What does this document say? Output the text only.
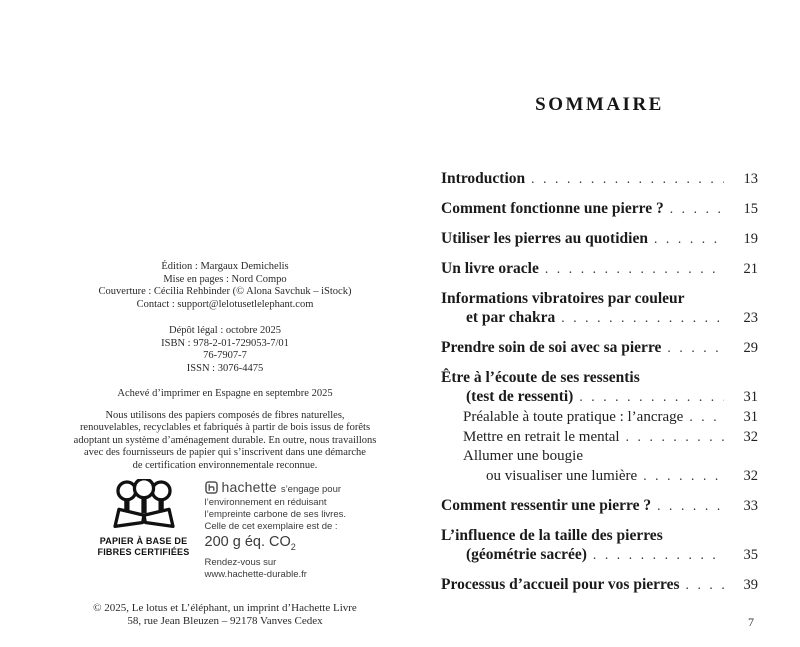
Édition : Margaux Demichelis
Mise en pages : Nord Compo
Couverture : Cécilia Rehbinder (© Alona Savchuk – iStock)
Contact : support@lelotusetlelephant.com
Dépôt légal : octobre 2025
ISBN : 978-2-01-729053-7/01
76-7907-7
ISSN : 3076-4475
Achevé d’imprimer en Espagne en septembre 2025
Nous utilisons des papiers composés de fibres naturelles,
renouvelables, recyclables et fabriqués à partir de bois issus de forêts
adoptant un système d’aménagement durable. En outre, nous travaillons
avec des fournisseurs de papier qui s’inscrivent dans une démarche
de certification environnementale reconnue.
PAPIER À BASE DE
FIBRES CERTIFIÉES
hachette s’engage pour
l’environnement en réduisant
l’empreinte carbone de ses livres.
Celle de cet exemplaire est de :
200 g éq. $CO_2$
Rendez-vous sur
www.hachette-durable.fr
© 2025, Le lotus et L’éléphant, un imprint d’Hachette Livre
58, rue Jean Bleuzen – 92178 Vanves Cedex
SOMMAIRE
Introduction . . .	13
Comment fonctionne une pierre ? . . .	15
Utiliser les pierres au quotidien . . .	19
Un livre oracle . . .	21
Informations vibratoires par couleur
et par chakra . . .	23
Prendre soin de soi avec sa pierre . . .	29
Être à l’écoute de ses ressentis
(test de ressenti) . . .	31
Préalable à toute pratique : l’ancrage . . .	31
Mettre en retrait le mental . . .	32
Allumer une bougie
ou visualiser une lumière . . .	32
Comment ressentir une pierre ? . . .	33
L’influence de la taille des pierres
(géométrie sacrée) . . .	35
Processus d’accueil pour vos pierres . . .	39
7
